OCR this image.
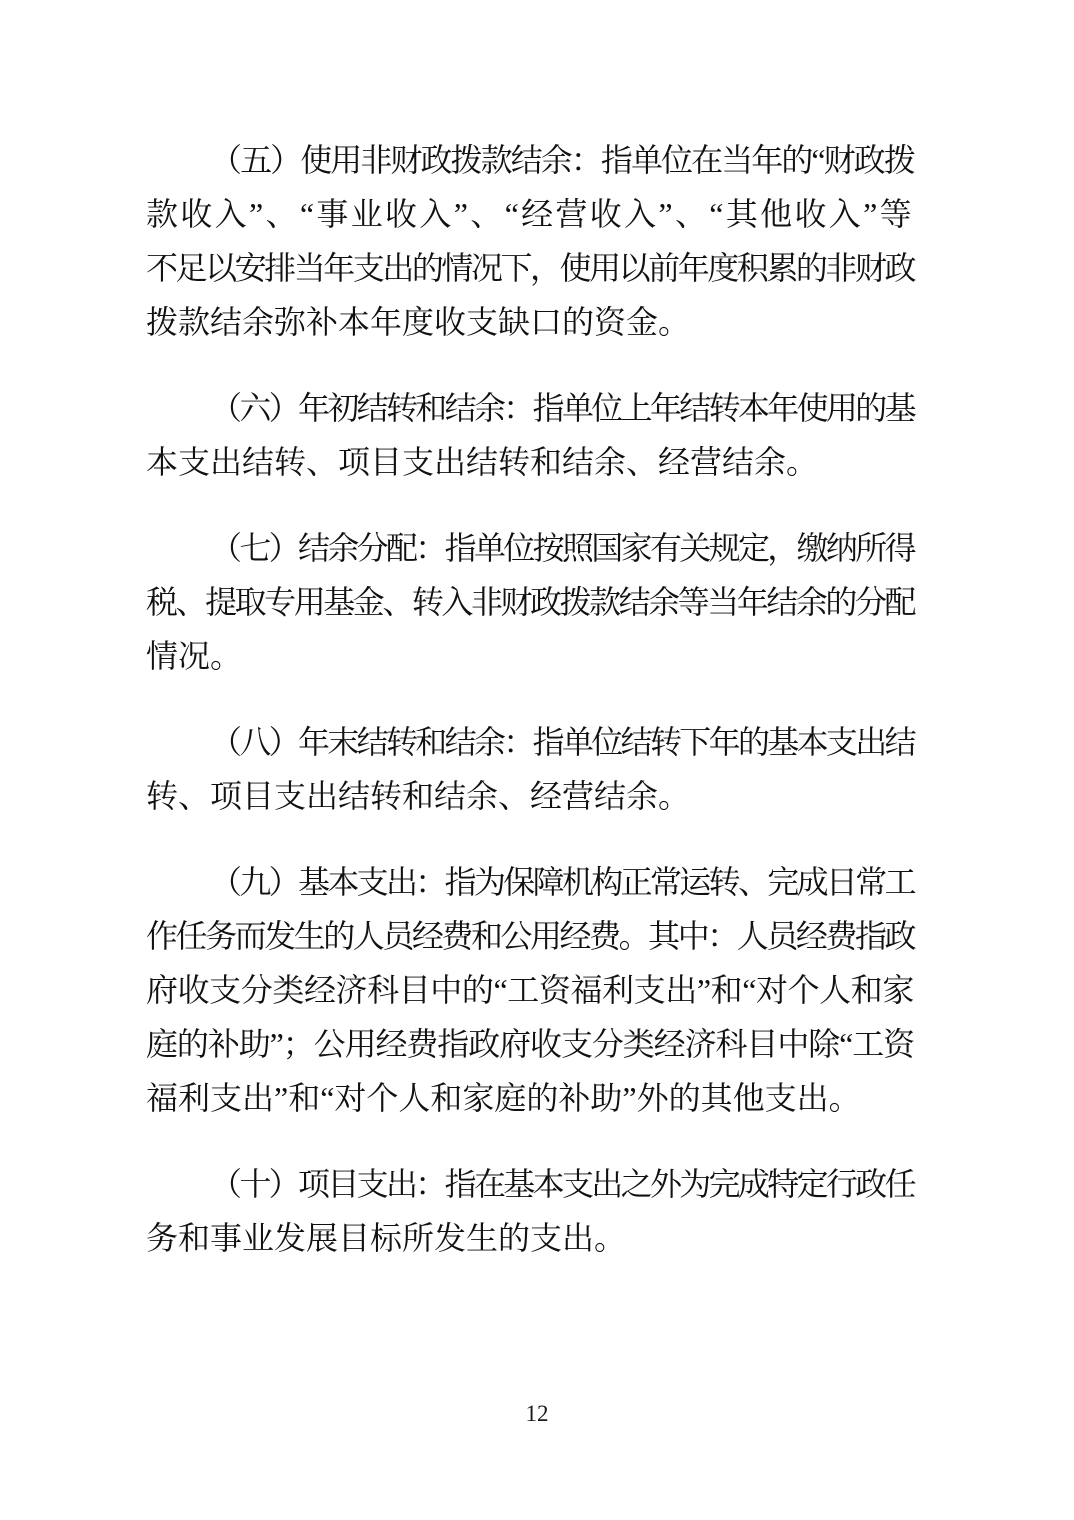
（五）使用非财政拨款结余：指单位在当年的“财政拨
款收入”、“事业收入”、“经营收入”、“其他收入”等
不足以安排当年支出的情况下，使用以前年度积累的非财政
拨款结余弥补本年度收支缺口的资金。
（六）年初结转和结余：指单位上年结转本年使用的基
本支出结转、项目支出结转和结余、经营结余。
（七）结余分配：指单位按照国家有关规定，缴纳所得
税、提取专用基金、转入非财政拨款结余等当年结余的分配
情况。
（八）年末结转和结余：指单位结转下年的基本支出结
转、项目支出结转和结余、经营结余。
（九）基本支出：指为保障机构正常运转、完成日常工
作任务而发生的人员经费和公用经费。其中：人员经费指政
府收支分类经济科目中的“工资福利支出”和“对个人和家
庭的补助”；公用经费指政府收支分类经济科目中除“工资
福利支出”和“对个人和家庭的补助”外的其他支出。
（十）项目支出：指在基本支出之外为完成特定行政任
务和事业发展目标所发生的支出。
12
